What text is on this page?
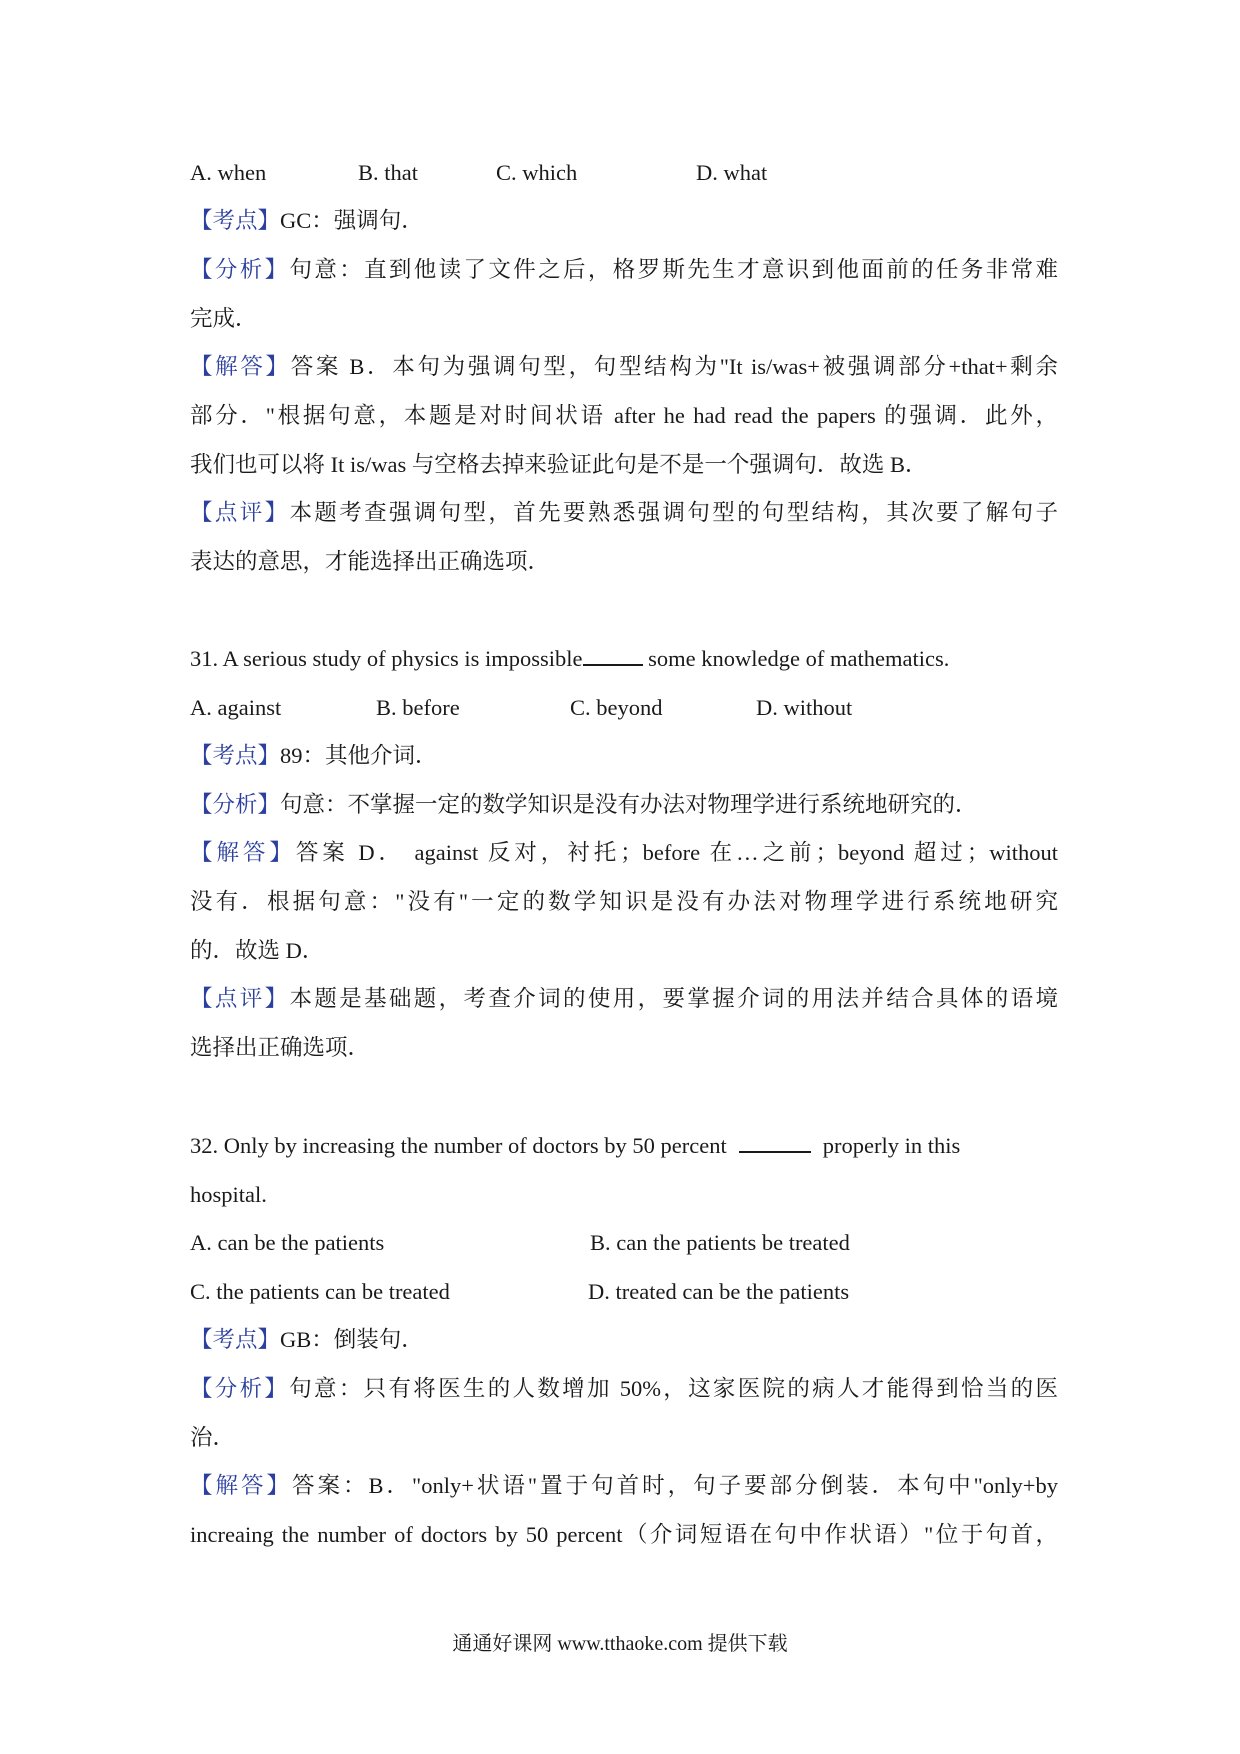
A. when	B. that	C. which	D. what
【考点】GC：强调句．
【分析】句意：直到他读了文件之后，格罗斯先生才意识到他面前的任务非常难
完成．
【解答】答案 B．本句为强调句型，句型结构为"It is/was+被强调部分+that+剩余
部分．"根据句意，本题是对时间状语 after he had read the papers 的强调．此外，
我们也可以将 It is/was 与空格去掉来验证此句是不是一个强调句．故选 B．
【点评】本题考查强调句型，首先要熟悉强调句型的句型结构，其次要了解句子
表达的意思，才能选择出正确选项．
31. A serious study of physics is impossible	some knowledge of mathematics.
A. against	B. before	C. beyond	D. without
【考点】89：其他介词．
【分析】句意：不掌握一定的数学知识是没有办法对物理学进行系统地研究的．
【解答】答案 D． against 反对，衬托；before 在…之前；beyond 超过；without
没有．根据句意："没有"一定的数学知识是没有办法对物理学进行系统地研究
的．故选 D．
【点评】本题是基础题，考查介词的使用，要掌握介词的用法并结合具体的语境
选择出正确选项．
32. Only by increasing the number of doctors by 50 percent	properly in this
hospital.
A. can be the patients	B. can the patients be treated
C. the patients can be treated	D. treated can be the patients
【考点】GB：倒装句．
【分析】句意：只有将医生的人数增加 50%，这家医院的病人才能得到恰当的医
治．
【解答】答案：B．"only+状语"置于句首时，句子要部分倒装．本句中"only+by
increaing the number of doctors by 50 percent（介词短语在句中作状语）"位于句首，
通通好课网 www.tthaoke.com 提供下载
